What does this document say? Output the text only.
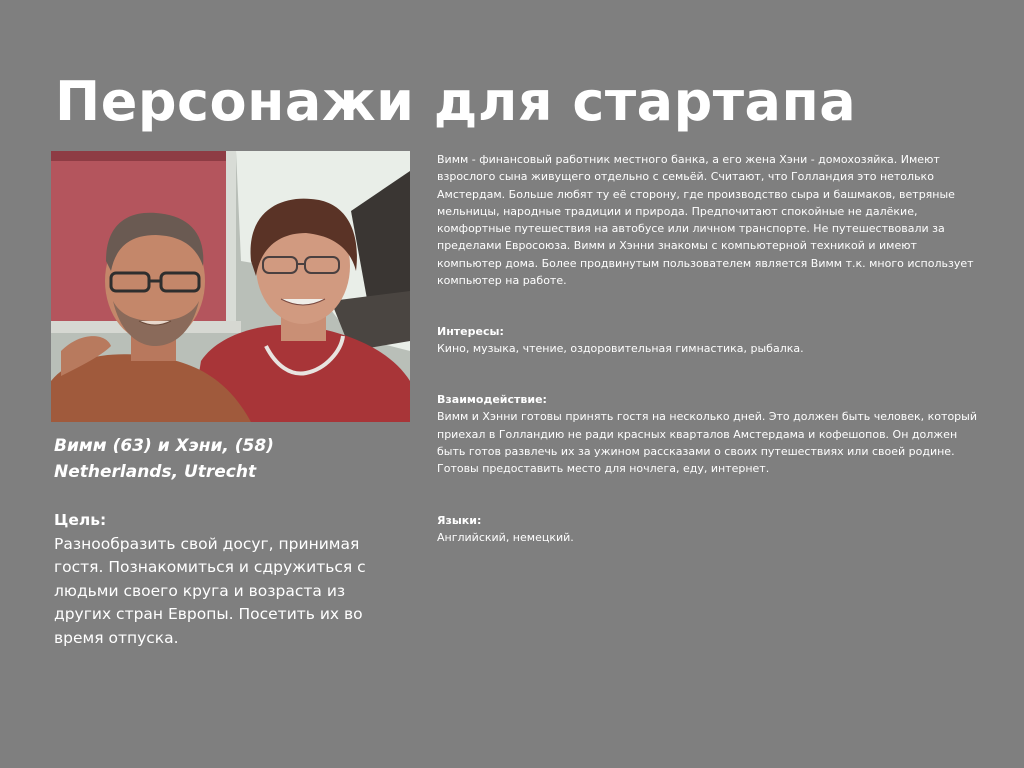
Персонажи для стартапа
Вимм (63) и Хэни, (58)
Netherlands, Utrecht
Цель:
Разнообразить свой досуг, принимая гостя. Познакомиться и сдружиться с людьми своего круга и возраста из других стран Европы. Посетить их во время отпуска.
Вимм - финансовый работник местного банка, а его жена Хэни - домохозяйка. Имеют взрослого сына живущего отдельно с семьёй. Считают, что Голландия это нетолько Амстердам. Больше любят ту её сторону, где производство сыра и башмаков, ветряные мельницы, народные традиции и природа. Предпочитают спокойные не далёкие, комфортные путешествия на автобусе или личном транспорте. Не путешествовали за пределами Евросоюза. Вимм и Хэнни знакомы с компьютерной техникой и имеют компьютер дома. Более продвинутым пользователем является Вимм т.к. много использует компьютер на работе.
Интересы:
Кино, музыка, чтение, оздоровительная гимнастика, рыбалка.
Взаимодействие:
Вимм и Хэнни готовы принять гостя на несколько дней. Это должен быть человек, который приехал в Голландию не ради красных кварталов Амстердама и кофешопов. Он должен быть готов развлечь их за ужином рассказами о своих путешествиях или своей родине. Готовы предоставить место для ночлега, еду, интернет.
Языки:
Английский, немецкий.
